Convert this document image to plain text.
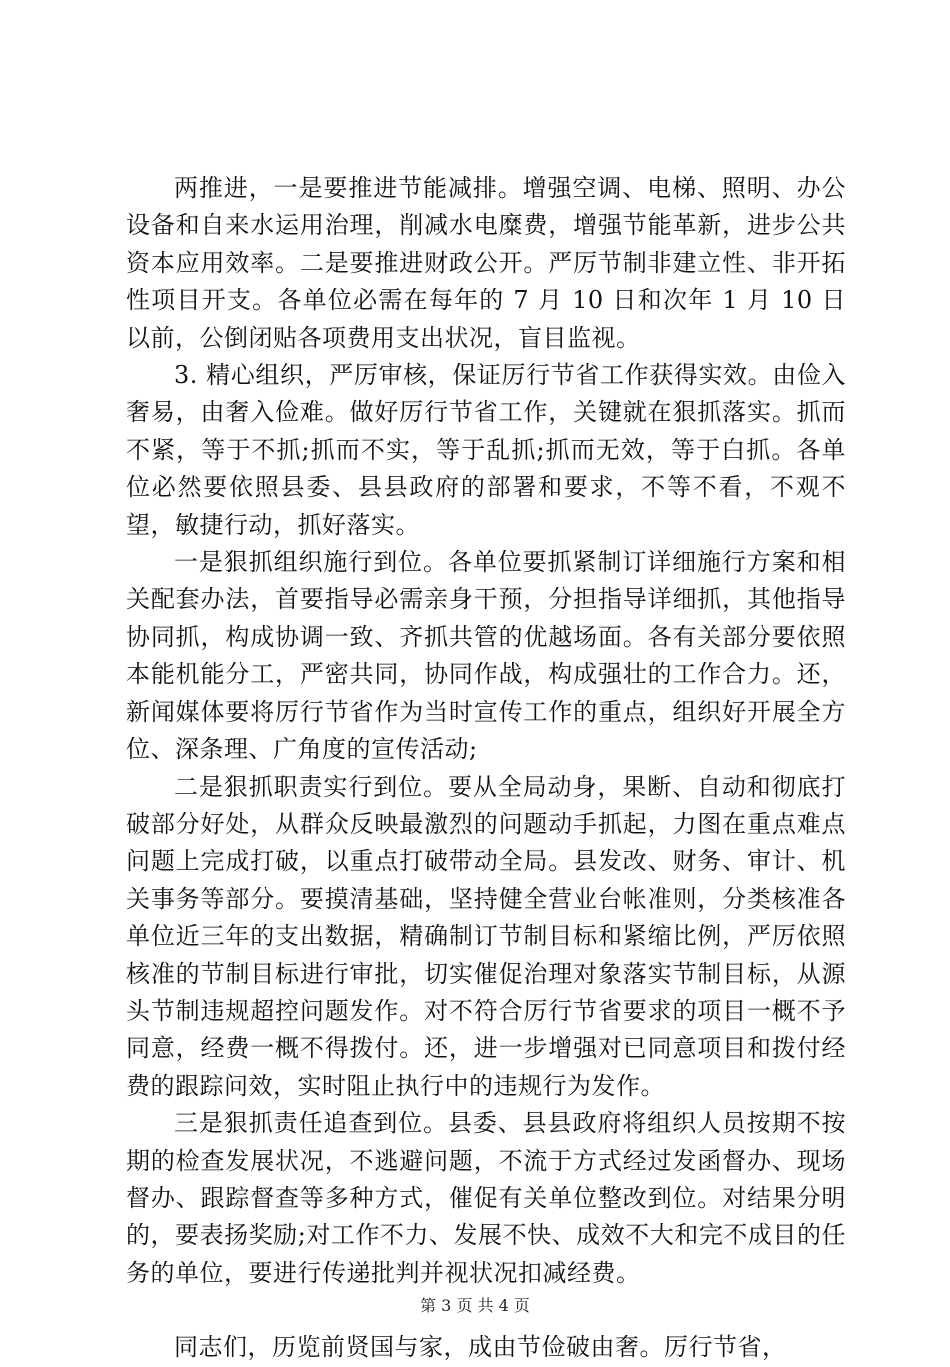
两推进，一是要推进节能减排。增强空调、电梯、照明、办公设备和自来水运用治理，削减水电糜费，增强节能革新，进步公共资本应用效率。二是要推进财政公开。严厉节制非建立性、非开拓性项目开支。各单位必需在每年的 7 月 10 日和次年 1 月 10 日以前，公倒闭贴各项费用支出状况，盲目监视。

3. 精心组织，严厉审核，保证厉行节省工作获得实效。由俭入奢易，由奢入俭难。做好厉行节省工作，关键就在狠抓落实。抓而不紧，等于不抓;抓而不实，等于乱抓;抓而无效，等于白抓。各单位必然要依照县委、县县政府的部署和要求，不等不看，不观不望，敏捷行动，抓好落实。

一是狠抓组织施行到位。各单位要抓紧制订详细施行方案和相关配套办法，首要指导必需亲身干预，分担指导详细抓，其他指导协同抓，构成协调一致、齐抓共管的优越场面。各有关部分要依照本能机能分工，严密共同，协同作战，构成强壮的工作合力。还，新闻媒体要将厉行节省作为当时宣传工作的重点，组织好开展全方位、深条理、广角度的宣传活动;

二是狠抓职责实行到位。要从全局动身，果断、自动和彻底打破部分好处，从群众反映最激烈的问题动手抓起，力图在重点难点问题上完成打破，以重点打破带动全局。县发改、财务、审计、机关事务等部分。要摸清基础，坚持健全营业台帐准则，分类核准各单位近三年的支出数据，精确制订节制目标和紧缩比例，严厉依照核准的节制目标进行审批，切实催促治理对象落实节制目标，从源头节制违规超控问题发作。对不符合厉行节省要求的项目一概不予同意，经费一概不得拨付。还，进一步增强对已同意项目和拨付经费的跟踪问效，实时阻止执行中的违规行为发作。

三是狠抓责任追查到位。县委、县县政府将组织人员按期不按期的检查发展状况，不逃避问题，不流于方式经过发函督办、现场督办、跟踪督查等多种方式，催促有关单位整改到位。对结果分明的，要表扬奖励;对工作不力、发展不快、成效不大和完不成目的任务的单位，要进行传递批判并视状况扣减经费。

同志们，历览前贤国与家，成由节俭破由奢。厉行节省，

第 3 页 共 4 页
